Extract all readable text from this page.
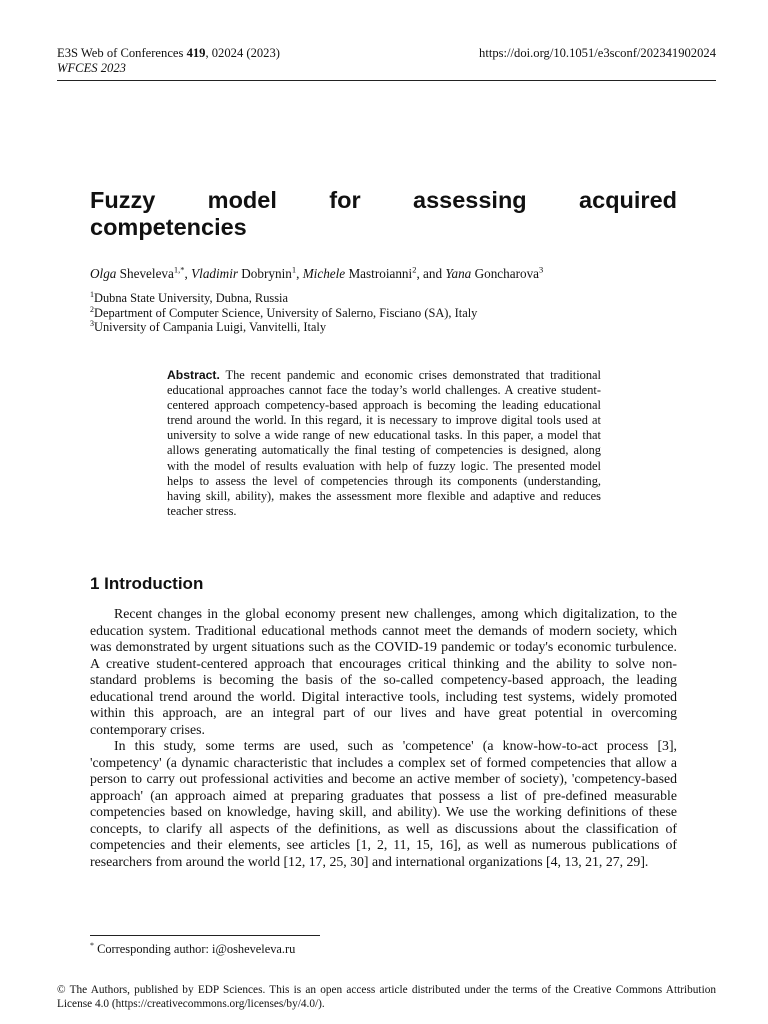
E3S Web of Conferences 419, 02024 (2023)	https://doi.org/10.1051/e3sconf/202341902024
WFCES 2023
Fuzzy model for assessing acquired
competencies
Olga Sheveleva$^{1,*}$, Vladimir Dobrynin$^1$, Michele Mastroianni$^2$, and Yana Goncharova$^3$
$^1$Dubna State University, Dubna, Russia
$^2$Department of Computer Science, University of Salerno, Fisciano (SA), Italy
$^3$University of Campania Luigi, Vanvitelli, Italy
Abstract. The recent pandemic and economic crises demonstrated that traditional educational approaches cannot face the today’s world challenges. A creative student-centered approach competency-based approach is becoming the leading educational trend around the world. In this regard, it is necessary to improve digital tools used at university to solve a wide range of new educational tasks. In this paper, a model that allows generating automatically the final testing of competencies is designed, along with the model of results evaluation with help of fuzzy logic. The presented model helps to assess the level of competencies through its components (understanding, having skill, ability), makes the assessment more flexible and adaptive and reduces teacher stress.
1 Introduction

Recent changes in the global economy present new challenges, among which digitalization, to the education system. Traditional educational methods cannot meet the demands of modern society, which was demonstrated by urgent situations such as the COVID-19 pandemic or today's economic turbulence. A creative student-centered approach that encourages critical thinking and the ability to solve non-standard problems is becoming the basis of the so-called competency-based approach, the leading educational trend around the world. Digital interactive tools, including test systems, widely promoted within this approach, are an integral part of our lives and have great potential in overcoming contemporary crises.

In this study, some terms are used, such as 'competence' (a know-how-to-act process [3], 'competency' (a dynamic characteristic that includes a complex set of formed competencies that allow a person to carry out professional activities and become an active member of society), 'competency-based approach' (an approach aimed at preparing graduates that possess a list of pre-defined measurable competencies based on knowledge, having skill, and ability). We use the working definitions of these concepts, to clarify all aspects of the definitions, as well as discussions about the classification of competencies and their elements, see articles [1, 2, 11, 15, 16], as well as numerous publications of researchers from around the world [12, 17, 25, 30] and international organizations [4, 13, 21, 27, 29].

* Corresponding author: i@osheveleva.ru
© The Authors, published by EDP Sciences. This is an open access article distributed under the terms of the Creative Commons Attribution License 4.0 (https://creativecommons.org/licenses/by/4.0/).
